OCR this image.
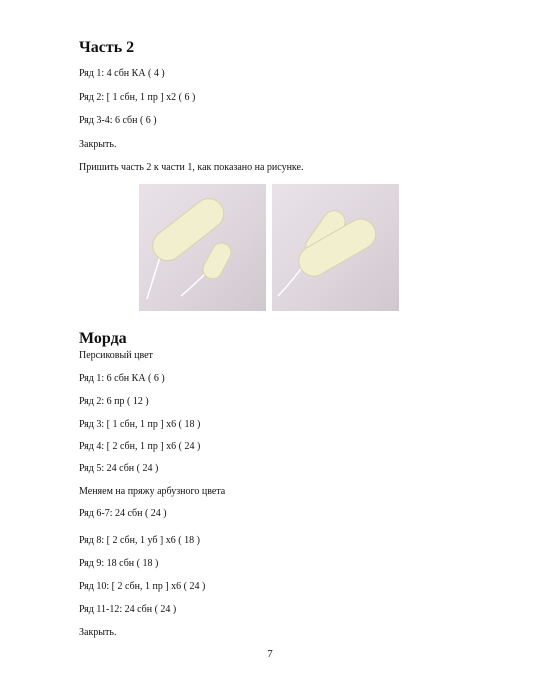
Часть 2
Ряд 1: 4 сбн КА ( 4 )
Ряд 2: [ 1 сбн, 1 пр ] x2 ( 6 )
Ряд 3-4: 6 сбн ( 6 )
Закрыть.
Пришить часть 2 к части 1, как показано на рисунке.
Морда
Персиковый цвет
Ряд 1: 6 сбн КА ( 6 )
Ряд 2: 6 пр ( 12 )
Ряд 3: [ 1 сбн, 1 пр ] x6 ( 18 )
Ряд 4: [ 2 сбн, 1 пр ] x6 ( 24 )
Ряд 5: 24 сбн ( 24 )
Меняем на пряжу арбузного цвета
Ряд 6-7: 24 сбн ( 24 )
Ряд 8: [ 2 сбн, 1 уб ] x6 ( 18 )
Ряд 9: 18 сбн ( 18 )
Ряд 10: [ 2 сбн, 1 пр ] x6 ( 24 )
Ряд 11-12: 24 сбн ( 24 )
Закрыть.
7
